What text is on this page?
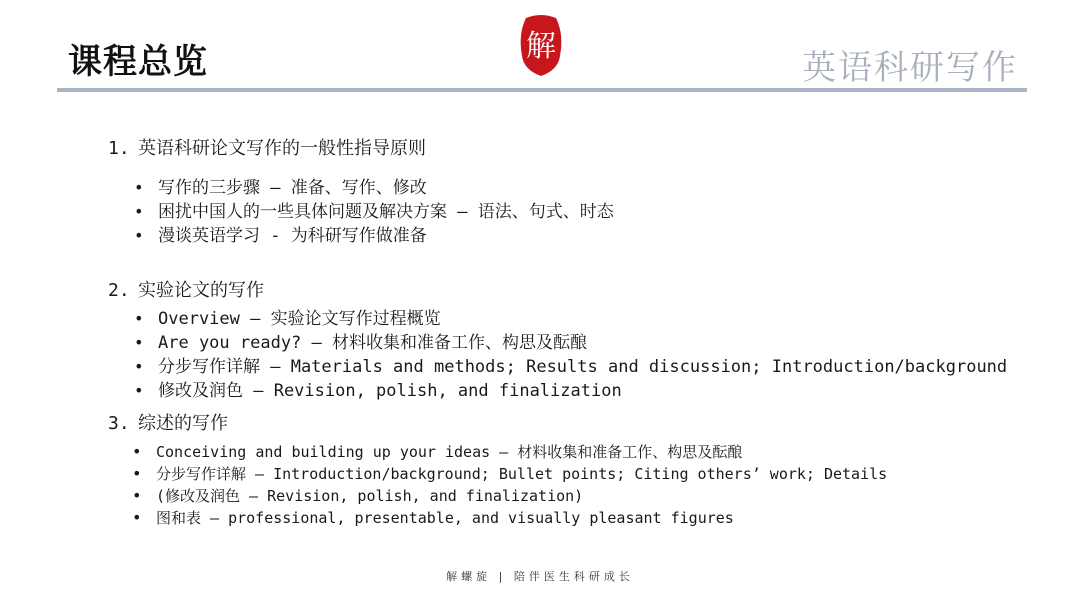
课程总览	解
英语科研写作
1. 英语科研论文写作的一般性指导原则
• 写作的三步骤 – 准备、写作、修改
• 困扰中国人的一些具体问题及解决方案 – 语法、句式、时态
• 漫谈英语学习 - 为科研写作做准备
2. 实验论文的写作
• Overview – 实验论文写作过程概览
• Are you ready? – 材料收集和准备工作、构思及酝酿
• 分步写作详解 – Materials and methods; Results and discussion; Introduction/background
• 修改及润色 – Revision, polish, and finalization
3. 综述的写作
• Conceiving and building up your ideas – 材料收集和准备工作、构思及酝酿
• 分步写作详解 – Introduction/background; Bullet points; Citing others’ work; Details
• (修改及润色 – Revision, polish, and finalization)
• 图和表 – professional, presentable, and visually pleasant figures
解螺旋 | 陪伴医生科研成长
